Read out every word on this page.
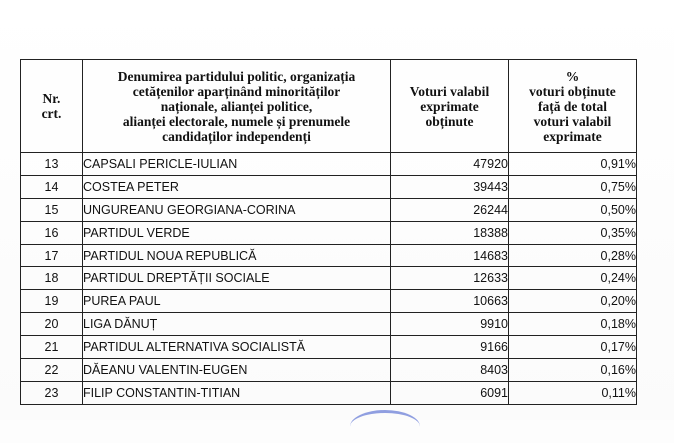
Nr.
crt.	Denumirea partidului politic, organizația
cetățenilor aparținând minorităților
naționale, alianței politice,
alianței electorale, numele și prenumele
candidaților independenți	Voturi valabil
exprimate
obținute	%
voturi obținute
față de total
voturi valabil
exprimate

13	CAPSALI PERICLE-IULIAN	47920	0,91%
14	COSTEA PETER	39443	0,75%
15	UNGUREANU GEORGIANA-CORINA	26244	0,50%
16	PARTIDUL VERDE	18388	0,35%
17	PARTIDUL NOUA REPUBLICĂ	14683	0,28%
18	PARTIDUL DREPTĂȚII SOCIALE	12633	0,24%
19	PUREA PAUL	10663	0,20%
20	LIGA DĂNUȚ	9910	0,18%
21	PARTIDUL ALTERNATIVA SOCIALISTĂ	9166	0,17%
22	DĂEANU VALENTIN-EUGEN	8403	0,16%
23	FILIP CONSTANTIN-TITIAN	6091	0,11%
